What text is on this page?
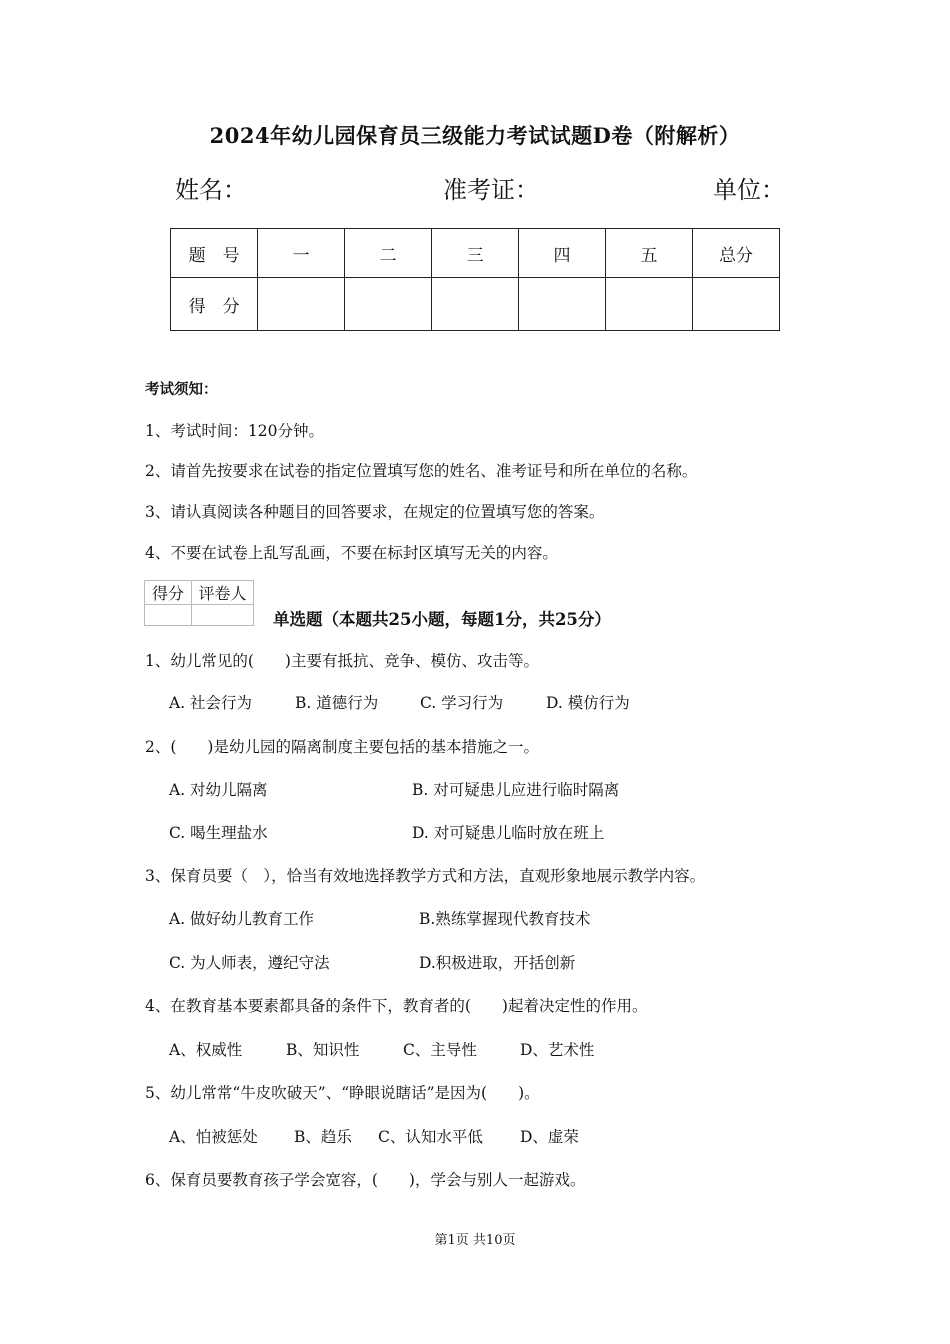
2024年幼儿园保育员三级能力考试试题D卷（附解析）
姓名：	准考证：	单位：
题　号	一	二	三	四	五	总分
得　分						
考试须知：
1、考试时间：120分钟。
2、请首先按要求在试卷的指定位置填写您的姓名、准考证号和所在单位的名称。
3、请认真阅读各种题目的回答要求，在规定的位置填写您的答案。
4、不要在试卷上乱写乱画，不要在标封区填写无关的内容。
得分	评卷人

单选题（本题共25小题，每题1分，共25分）
1、幼儿常见的(　　)主要有抵抗、竞争、模仿、攻击等。
A. 社会行为	B. 道德行为	C. 学习行为	D. 模仿行为
2、(　　)是幼儿园的隔离制度主要包括的基本措施之一。
A. 对幼儿隔离	B. 对可疑患儿应进行临时隔离
C. 喝生理盐水	D. 对可疑患儿临时放在班上
3、保育员要（　），恰当有效地选择教学方式和方法，直观形象地展示教学内容。
A. 做好幼儿教育工作	B.熟练掌握现代教育技术
C. 为人师表，遵纪守法	D.积极进取，开括创新
4、在教育基本要素都具备的条件下，教育者的(　　)起着决定性的作用。
A、权威性	B、知识性	C、主导性	D、艺术性
5、幼儿常常“牛皮吹破天”、“睁眼说瞎话”是因为(　　)。
A、怕被惩处 B、趋乐 C、认知水平低 D、虚荣
6、保育员要教育孩子学会宽容，(　　)，学会与别人一起游戏。
第1页 共10页
